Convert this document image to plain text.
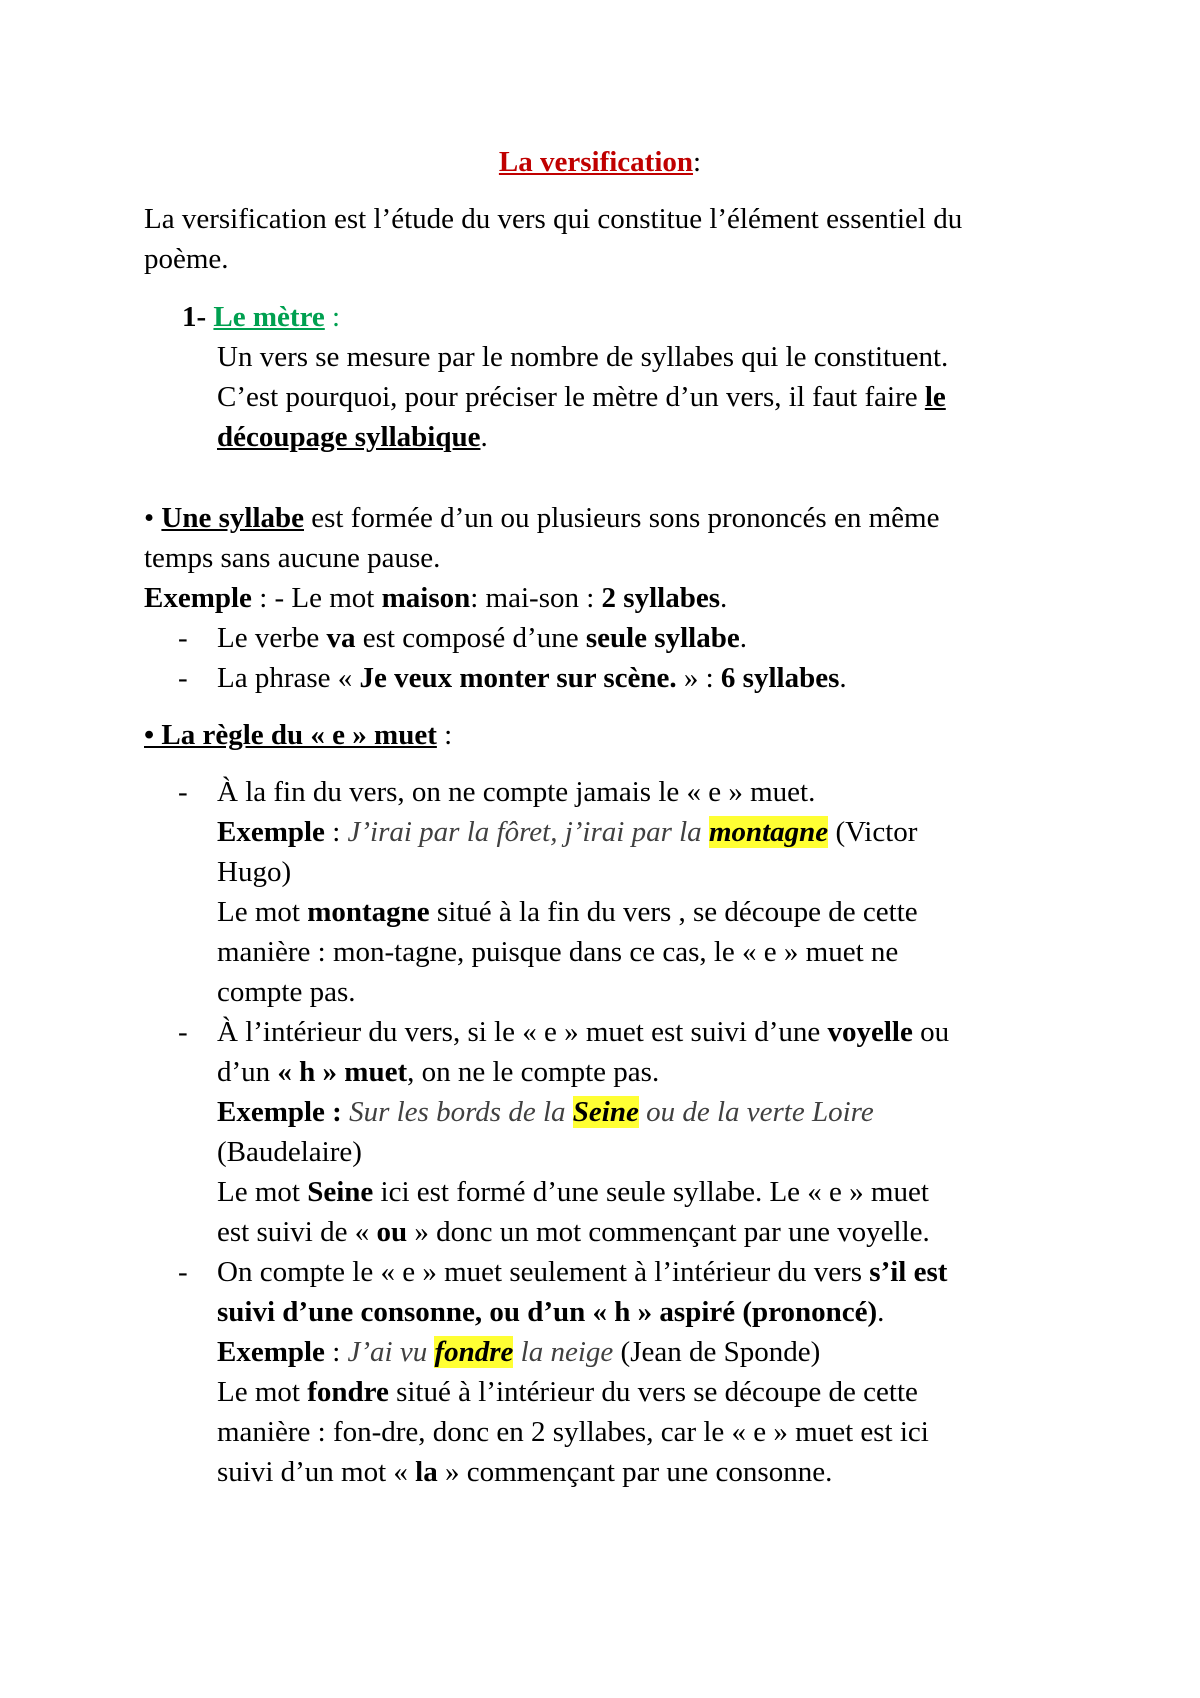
La versification:
La versification est l’étude du vers qui constitue l’élément essentiel du
poème.
1- Le mètre :
Un vers se mesure par le nombre de syllabes qui le constituent.
C’est pourquoi, pour préciser le mètre d’un vers, il faut faire le
découpage syllabique.
• Une syllabe est formée d’un ou plusieurs sons prononcés en même
temps sans aucune pause.
Exemple : - Le mot maison: mai-son : 2 syllabes.
- Le verbe va est composé d’une seule syllabe.
- La phrase « Je veux monter sur scène. » : 6 syllabes.
• La règle du « e » muet :
- À la fin du vers, on ne compte jamais le « e » muet.
Exemple : J’irai par la fôret, j’irai par la montagne (Victor
Hugo)
Le mot montagne situé à la fin du vers , se découpe de cette
manière : mon-tagne, puisque dans ce cas, le « e » muet ne
compte pas.
- À l’intérieur du vers, si le « e » muet est suivi d’une voyelle ou
d’un « h » muet, on ne le compte pas.
Exemple : Sur les bords de la Seine ou de la verte Loire
(Baudelaire)
Le mot Seine ici est formé d’une seule syllabe. Le « e » muet
est suivi de « ou » donc un mot commençant par une voyelle.
- On compte le « e » muet seulement à l’intérieur du vers s’il est
suivi d’une consonne, ou d’un « h » aspiré (prononcé).
Exemple : J’ai vu fondre la neige (Jean de Sponde)
Le mot fondre situé à l’intérieur du vers se découpe de cette
manière : fon-dre, donc en 2 syllabes, car le « e » muet est ici
suivi d’un mot « la » commençant par une consonne.
